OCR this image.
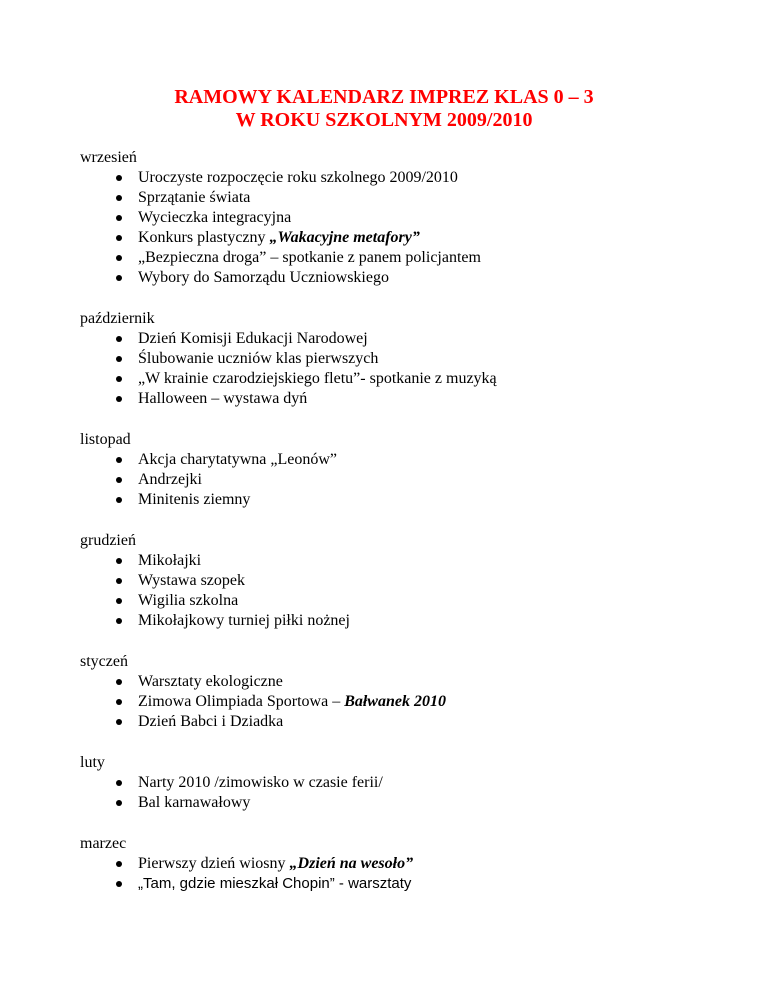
RAMOWY KALENDARZ IMPREZ KLAS 0 – 3
W ROKU SZKOLNYM 2009/2010
wrzesień
Uroczyste rozpoczęcie roku szkolnego 2009/2010
Sprzątanie świata
Wycieczka integracyjna
Konkurs plastyczny „Wakacyjne metafory”
„Bezpieczna droga” – spotkanie z panem policjantem
Wybory do Samorządu Uczniowskiego
październik
Dzień Komisji Edukacji Narodowej
Ślubowanie uczniów klas pierwszych
„W krainie czarodziejskiego fletu”- spotkanie z muzyką
Halloween – wystawa dyń
listopad
Akcja charytatywna „Leonów”
Andrzejki
Minitenis ziemny
grudzień
Mikołajki
Wystawa szopek
Wigilia szkolna
Mikołajkowy turniej piłki nożnej
styczeń
Warsztaty ekologiczne
Zimowa Olimpiada Sportowa – Bałwanek 2010
Dzień Babci i Dziadka
luty
Narty 2010 /zimowisko w czasie ferii/
Bal karnawałowy
marzec
Pierwszy dzień wiosny „Dzień na wesoło”
„Tam, gdzie mieszkał Chopin” - warsztaty
